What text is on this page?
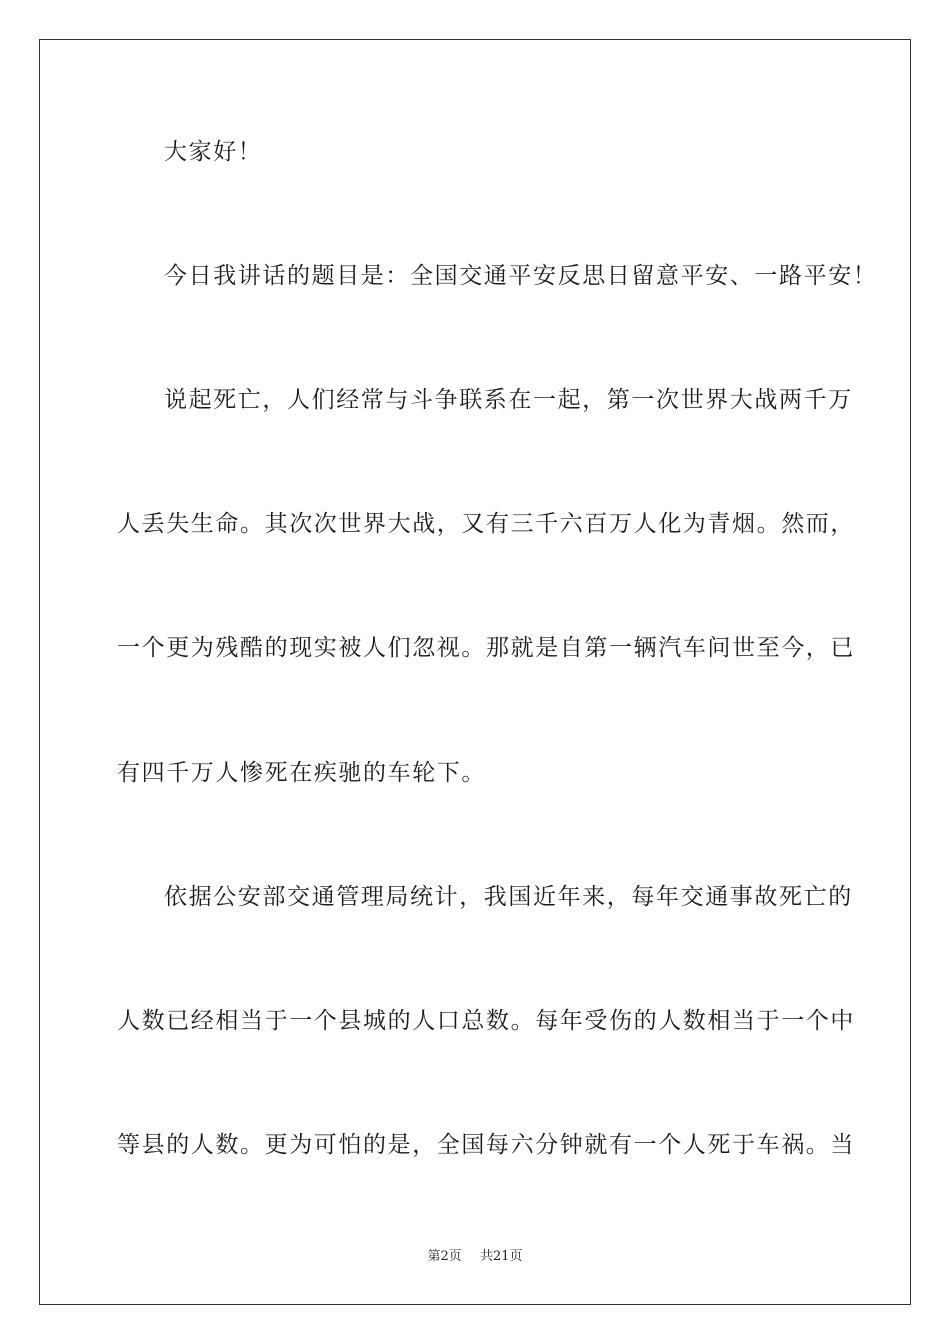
大家好！
今日我讲话的题目是：全国交通平安反思日留意平安、一路平安！
说起死亡，人们经常与斗争联系在一起，第一次世界大战两千万
人丢失生命。其次次世界大战，又有三千六百万人化为青烟。然而，
一个更为残酷的现实被人们忽视。那就是自第一辆汽车问世至今，已
有四千万人惨死在疾驰的车轮下。
依据公安部交通管理局统计，我国近年来，每年交通事故死亡的
人数已经相当于一个县城的人口总数。每年受伤的人数相当于一个中
等县的人数。更为可怕的是，全国每六分钟就有一个人死于车祸。当
第2页 共21页
